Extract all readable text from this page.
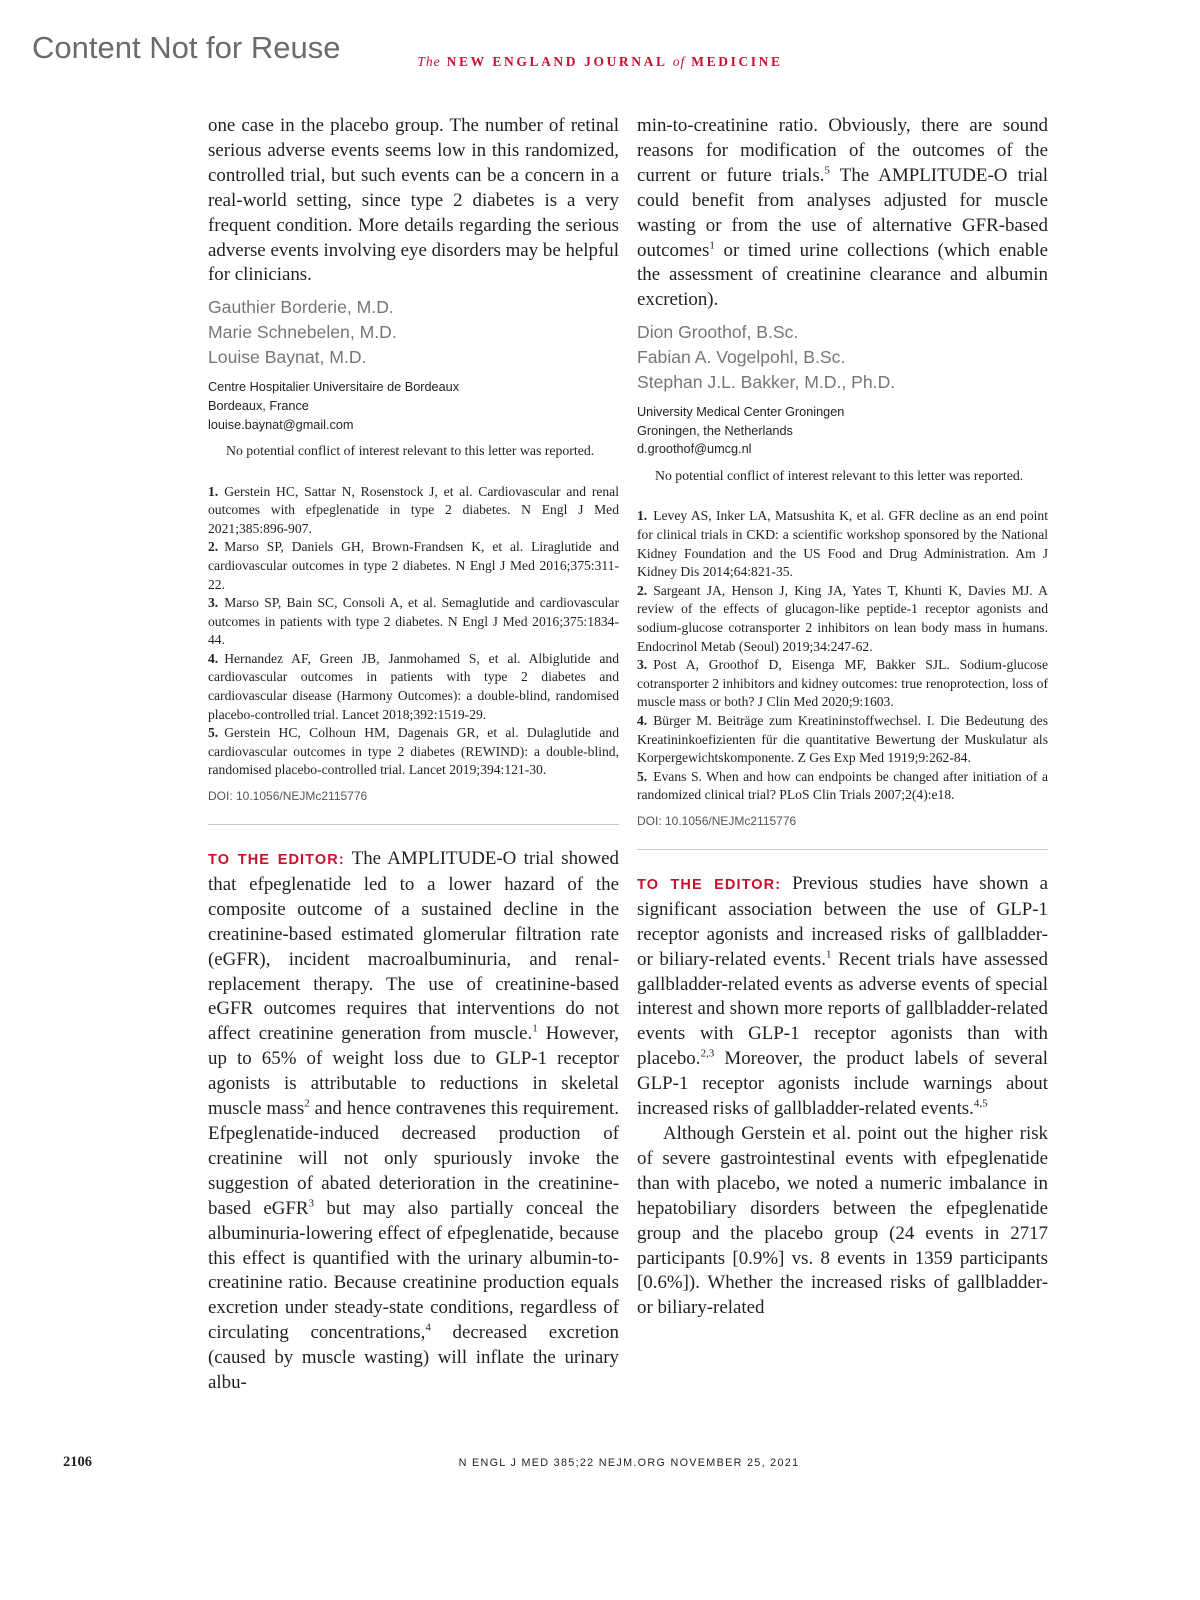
Content Not for Reuse	The NEW ENGLAND JOURNAL of MEDICINE

one case in the placebo group. The number of retinal serious adverse events seems low in this randomized, controlled trial, but such events can be a concern in a real-world setting, since type 2 diabetes is a very frequent condition. More details regarding the serious adverse events involving eye disorders may be helpful for clinicians.

Gauthier Borderie, M.D.
Marie Schnebelen, M.D.
Louise Baynat, M.D.
Centre Hospitalier Universitaire de Bordeaux
Bordeaux, France
louise.baynat@gmail.com

No potential conflict of interest relevant to this letter was reported.

1. Gerstein HC, Sattar N, Rosenstock J, et al. Cardiovascular and renal outcomes with efpeglenatide in type 2 diabetes. N Engl J Med 2021;385:896-907.

2. Marso SP, Daniels GH, Brown-Frandsen K, et al. Liraglutide and cardiovascular outcomes in type 2 diabetes. N Engl J Med 2016;375:311-22.

3. Marso SP, Bain SC, Consoli A, et al. Semaglutide and cardiovascular outcomes in patients with type 2 diabetes. N Engl J Med 2016;375:1834-44.

4. Hernandez AF, Green JB, Janmohamed S, et al. Albiglutide and cardiovascular outcomes in patients with type 2 diabetes and cardiovascular disease (Harmony Outcomes): a double-blind, randomised placebo-controlled trial. Lancet 2018;392:1519-29.

5. Gerstein HC, Colhoun HM, Dagenais GR, et al. Dulaglutide and cardiovascular outcomes in type 2 diabetes (REWIND): a double-blind, randomised placebo-controlled trial. Lancet 2019;394:121-30.

DOI: 10.1056/NEJMc2115776

TO THE EDITOR: The AMPLITUDE-O trial showed that efpeglenatide led to a lower hazard of the composite outcome of a sustained decline in the creatinine-based estimated glomerular filtration rate (eGFR), incident macroalbuminuria, and renal-replacement therapy. The use of creatinine-based eGFR outcomes requires that interventions do not affect creatinine generation from muscle.$^1$ However, up to 65% of weight loss due to GLP-1 receptor agonists is attributable to reductions in skeletal muscle mass$^2$ and hence contravenes this requirement. Efpeglenatide-induced decreased production of creatinine will not only spuriously invoke the suggestion of abated deterioration in the creatinine-based eGFR$^3$ but may also partially conceal the albuminuria-lowering effect of efpeglenatide, because this effect is quantified with the urinary albumin-to-creatinine ratio. Because creatinine production equals excretion under steady-state conditions, regardless of circulating concentrations,$^4$ decreased excretion (caused by muscle wasting) will inflate the urinary albu-

min-to-creatinine ratio. Obviously, there are sound reasons for modification of the outcomes of the current or future trials.$^5$ The AMPLITUDE-O trial could benefit from analyses adjusted for muscle wasting or from the use of alternative GFR-based outcomes$^1$ or timed urine collections (which enable the assessment of creatinine clearance and albumin excretion).

Dion Groothof, B.Sc.
Fabian A. Vogelpohl, B.Sc.
Stephan J.L. Bakker, M.D., Ph.D.
University Medical Center Groningen
Groningen, the Netherlands
d.groothof@umcg.nl

No potential conflict of interest relevant to this letter was reported.

1. Levey AS, Inker LA, Matsushita K, et al. GFR decline as an end point for clinical trials in CKD: a scientific workshop sponsored by the National Kidney Foundation and the US Food and Drug Administration. Am J Kidney Dis 2014;64:821-35.

2. Sargeant JA, Henson J, King JA, Yates T, Khunti K, Davies MJ. A review of the effects of glucagon-like peptide-1 receptor agonists and sodium-glucose cotransporter 2 inhibitors on lean body mass in humans. Endocrinol Metab (Seoul) 2019;34:247-62.

3. Post A, Groothof D, Eisenga MF, Bakker SJL. Sodium-glucose cotransporter 2 inhibitors and kidney outcomes: true renoprotection, loss of muscle mass or both? J Clin Med 2020;9:1603.

4. Bürger M. Beiträge zum Kreatininstoffwechsel. I. Die Bedeutung des Kreatininkoefizienten für die quantitative Bewertung der Muskulatur als Korpergewichtskomponente. Z Ges Exp Med 1919;9:262-84.

5. Evans S. When and how can endpoints be changed after initiation of a randomized clinical trial? PLoS Clin Trials 2007;2(4):e18.

DOI: 10.1056/NEJMc2115776

TO THE EDITOR: Previous studies have shown a significant association between the use of GLP-1 receptor agonists and increased risks of gallbladder- or biliary-related events.$^1$ Recent trials have assessed gallbladder-related events as adverse events of special interest and shown more reports of gallbladder-related events with GLP-1 receptor agonists than with placebo.$^{2,3}$ Moreover, the product labels of several GLP-1 receptor agonists include warnings about increased risks of gallbladder-related events.$^{4,5}$

Although Gerstein et al. point out the higher risk of severe gastrointestinal events with efpeglenatide than with placebo, we noted a numeric imbalance in hepatobiliary disorders between the efpeglenatide group and the placebo group (24 events in 2717 participants [0.9%] vs. 8 events in 1359 participants [0.6%]). Whether the increased risks of gallbladder- or biliary-related

2106	N ENGL J MED 385;22 NEJM.ORG NOVEMBER 25, 2021
